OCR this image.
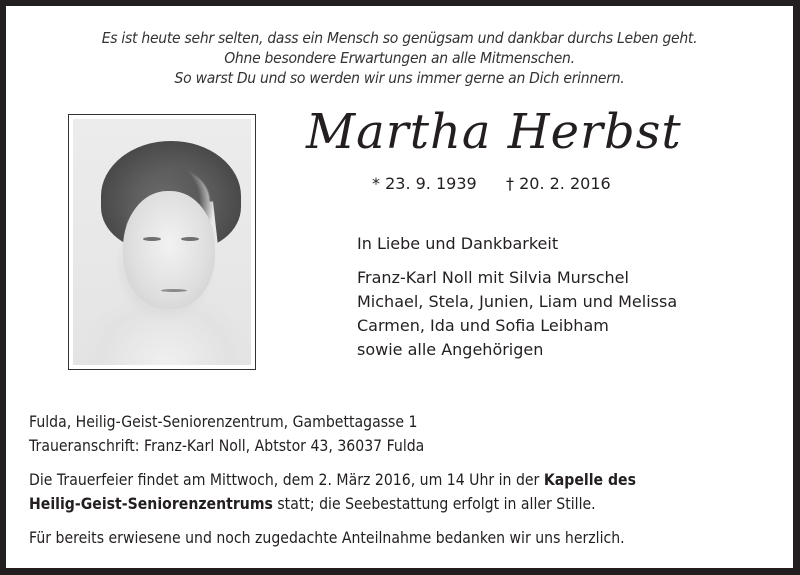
Es ist heute sehr selten, dass ein Mensch so genügsam und dankbar durchs Leben geht.
Ohne besondere Erwartungen an alle Mitmenschen.
So warst Du und so werden wir uns immer gerne an Dich erinnern.
Martha Herbst
* 23. 9. 1939 † 20. 2. 2016
In Liebe und Dankbarkeit
Franz-Karl Noll mit Silvia Murschel
Michael, Stela, Junien, Liam und Melissa
Carmen, Ida und Sofia Leibham
sowie alle Angehörigen
Fulda, Heilig-Geist-Seniorenzentrum, Gambettagasse 1
Traueranschrift: Franz-Karl Noll, Abtstor 43, 36037 Fulda
Die Trauerfeier findet am Mittwoch, dem 2. März 2016, um 14 Uhr in der Kapelle des
Heilig-Geist-Seniorenzentrums statt; die Seebestattung erfolgt in aller Stille.
Für bereits erwiesene und noch zugedachte Anteilnahme bedanken wir uns herzlich.
